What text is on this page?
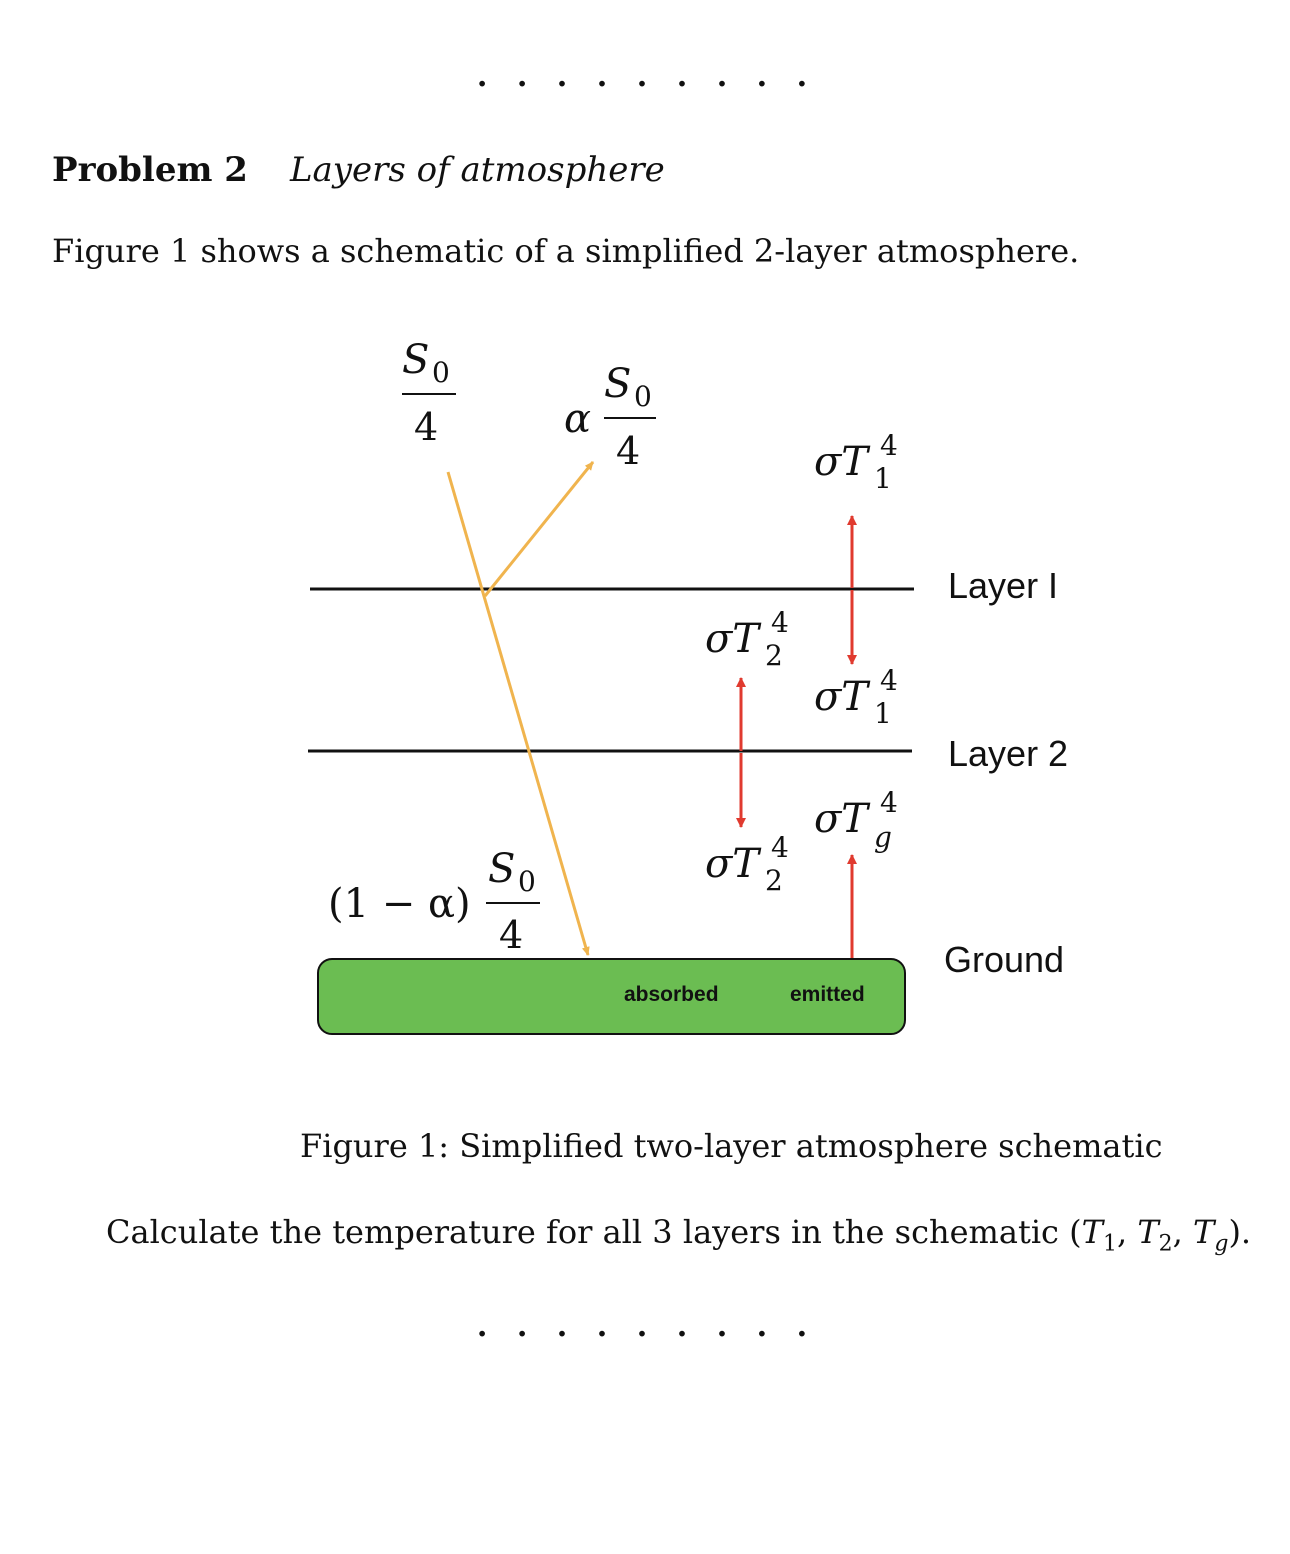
. . . . . . . . .
Problem 2 Layers of atmosphere
Figure 1 shows a schematic of a simplified 2-layer atmosphere.
S 0
4	α
S 0
4
(1 − α)
S 0
4
σT 4
1
σT 4
2
σT 4
1
σT 4
g
σT 4
2
Layer I
Layer 2
Ground
absorbed	emitted
Figure 1: Simplified two-layer atmosphere schematic
Calculate the temperature for all 3 layers in the schematic ($T_1$, $T_2$, $T_g$).
. . . . . . . . .
